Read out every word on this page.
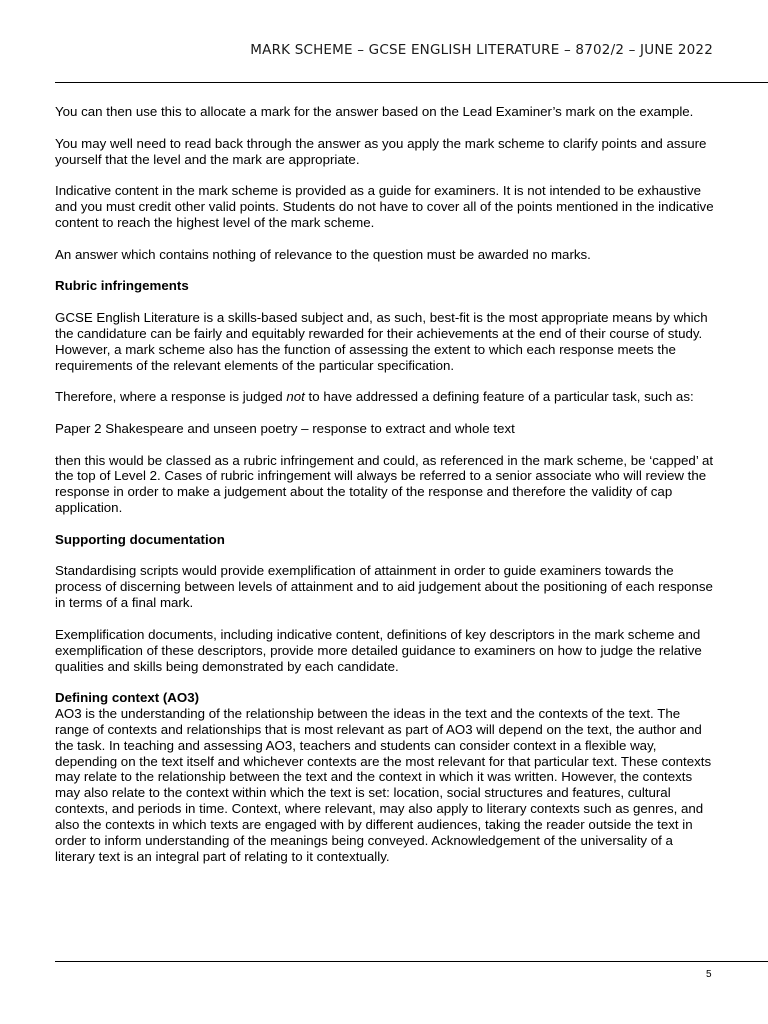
MARK SCHEME – GCSE ENGLISH LITERATURE – 8702/2 – JUNE 2022

You can then use this to allocate a mark for the answer based on the Lead Examiner’s mark on the example.

You may well need to read back through the answer as you apply the mark scheme to clarify points and assure yourself that the level and the mark are appropriate.

Indicative content in the mark scheme is provided as a guide for examiners. It is not intended to be exhaustive and you must credit other valid points. Students do not have to cover all of the points mentioned in the indicative content to reach the highest level of the mark scheme.

An answer which contains nothing of relevance to the question must be awarded no marks.

Rubric infringements

GCSE English Literature is a skills-based subject and, as such, best-fit is the most appropriate means by which the candidature can be fairly and equitably rewarded for their achievements at the end of their course of study. However, a mark scheme also has the function of assessing the extent to which each response meets the requirements of the relevant elements of the particular specification.

Therefore, where a response is judged not to have addressed a defining feature of a particular task, such as:

Paper 2 Shakespeare and unseen poetry – response to extract and whole text

then this would be classed as a rubric infringement and could, as referenced in the mark scheme, be ‘capped’ at the top of Level 2. Cases of rubric infringement will always be referred to a senior associate who will review the response in order to make a judgement about the totality of the response and therefore the validity of cap application.

Supporting documentation

Standardising scripts would provide exemplification of attainment in order to guide examiners towards the process of discerning between levels of attainment and to aid judgement about the positioning of each response in terms of a final mark.

Exemplification documents, including indicative content, definitions of key descriptors in the mark scheme and exemplification of these descriptors, provide more detailed guidance to examiners on how to judge the relative qualities and skills being demonstrated by each candidate.

Defining context (AO3)

AO3 is the understanding of the relationship between the ideas in the text and the contexts of the text. The range of contexts and relationships that is most relevant as part of AO3 will depend on the text, the author and the task. In teaching and assessing AO3, teachers and students can consider context in a flexible way, depending on the text itself and whichever contexts are the most relevant for that particular text. These contexts may relate to the relationship between the text and the context in which it was written. However, the contexts may also relate to the context within which the text is set: location, social structures and features, cultural contexts, and periods in time. Context, where relevant, may also apply to literary contexts such as genres, and also the contexts in which texts are engaged with by different audiences, taking the reader outside the text in order to inform understanding of the meanings being conveyed. Acknowledgement of the universality of a literary text is an integral part of relating to it contextually.

5
